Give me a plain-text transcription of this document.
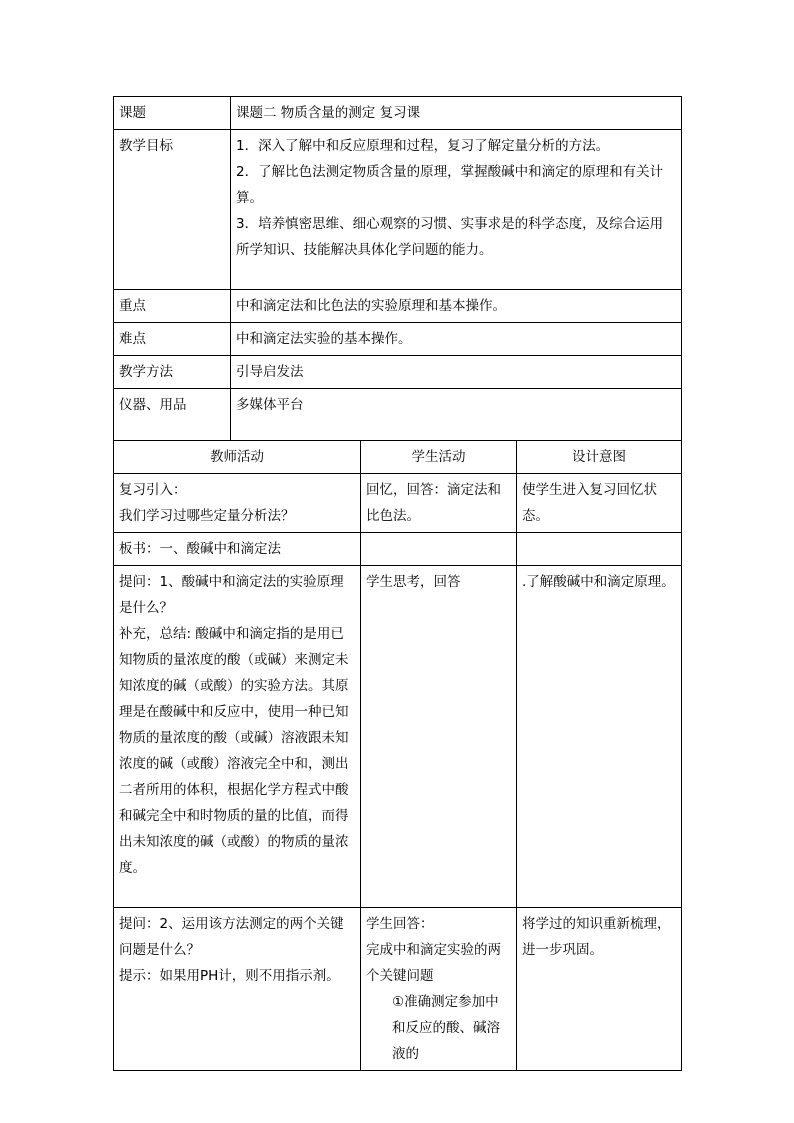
课题	课题二 物质含量的测定 复习课
教学目标	1．深入了解中和反应原理和过程，复习了解定量分析的方法。
2．了解比色法测定物质含量的原理，掌握酸碱中和滴定的原理和有关计算。
3．培养慎密思维、细心观察的习惯、实事求是的科学态度，及综合运用所学知识、技能解决具体化学问题的能力。

重点	中和滴定法和比色法的实验原理和基本操作。
难点	中和滴定法实验的基本操作。
教学方法	引导启发法
仪器、用品	多媒体平台
教师活动	学生活动	设计意图

复习引入：
我们学习过哪些定量分析法？	回忆，回答：滴定法和比色法。	使学生进入复习回忆状态。

板书：一、酸碱中和滴定法		

提问：1、酸碱中和滴定法的实验原理是什么？
补充，总结: 酸碱中和滴定指的是用已知物质的量浓度的酸（或碱）来测定未知浓度的碱（或酸）的实验方法。其原理是在酸碱中和反应中，使用一种已知物质的量浓度的酸（或碱）溶液跟未知浓度的碱（或酸）溶液完全中和，测出二者所用的体积，根据化学方程式中酸和碱完全中和时物质的量的比值，而得出未知浓度的碱（或酸）的物质的量浓度。	学生思考，回答	.了解酸碱中和滴定原理。

提问：2、运用该方法测定的两个关键问题是什么？
提示：如果用PH计，则不用指示剂。	学生回答：
完成中和滴定实验的两个关键问题
①准确测定参加中和反应的酸、碱溶液的	将学过的知识重新梳理，进一步巩固。
